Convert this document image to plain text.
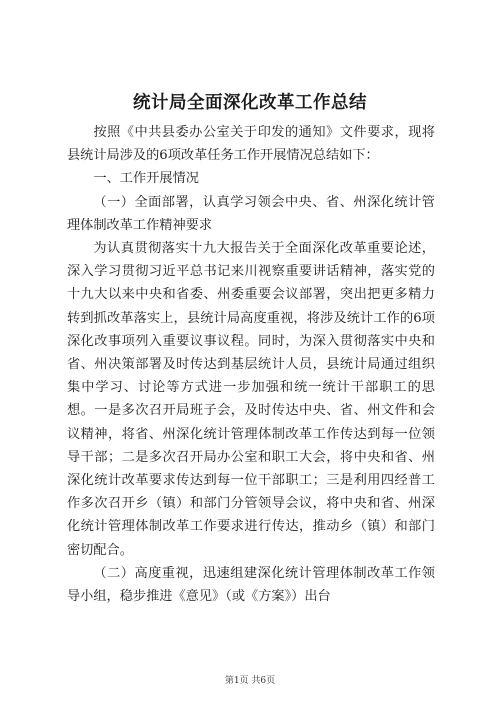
统计局全面深化改革工作总结

按照《中共县委办公室关于印发的通知》文件要求，现将县统计局涉及的6项改革任务工作开展情况总结如下：

一、工作开展情况

（一）全面部署，认真学习领会中央、省、州深化统计管理体制改革工作精神要求

为认真贯彻落实十九大报告关于全面深化改革重要论述，深入学习贯彻习近平总书记来川视察重要讲话精神，落实党的十九大以来中央和省委、州委重要会议部署，突出把更多精力转到抓改革落实上，县统计局高度重视，将涉及统计工作的6项深化改事项列入重要议事议程。同时，为深入贯彻落实中央和省、州决策部署及时传达到基层统计人员，县统计局通过组织集中学习、讨论等方式进一步加强和统一统计干部职工的思想。一是多次召开局班子会，及时传达中央、省、州文件和会议精神，将省、州深化统计管理体制改革工作传达到每一位领导干部；二是多次召开局办公室和职工大会，将中央和省、州深化统计改革要求传达到每一位干部职工；三是利用四经普工作多次召开乡（镇）和部门分管领导会议，将中央和省、州深化统计管理体制改革工作要求进行传达，推动乡（镇）和部门密切配合。

（二）高度重视，迅速组建深化统计管理体制改革工作领导小组，稳步推进《意见》（或《方案》）出台

第1页 共6页
